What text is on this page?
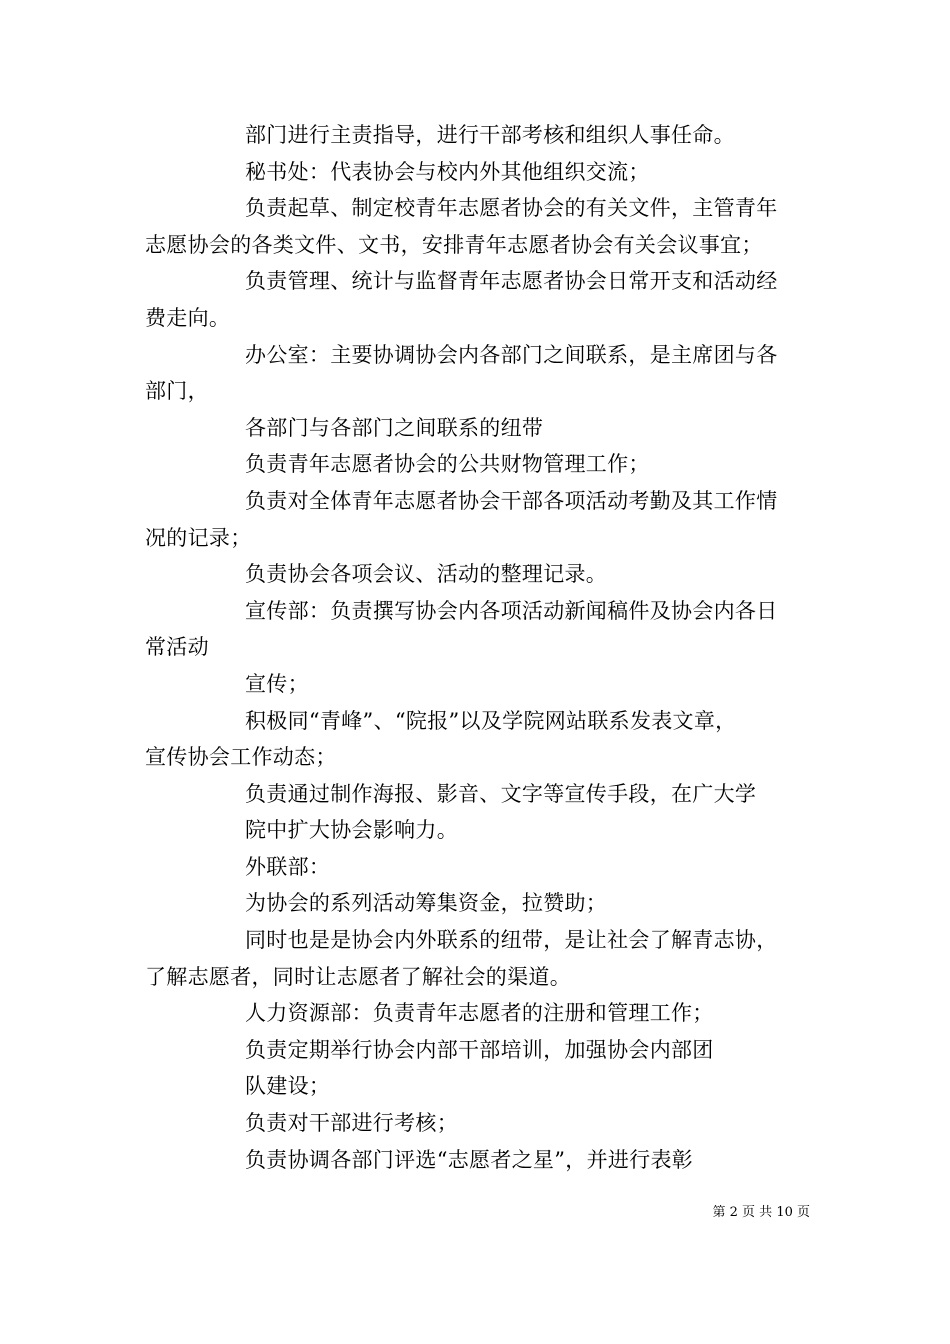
部门进行主责指导，进行干部考核和组织人事任命。
秘书处：代表协会与校内外其他组织交流；
负责起草、制定校青年志愿者协会的有关文件，主管青年
志愿协会的各类文件、文书，安排青年志愿者协会有关会议事宜；
负责管理、统计与监督青年志愿者协会日常开支和活动经
费走向。
办公室：主要协调协会内各部门之间联系，是主席团与各
部门，
各部门与各部门之间联系的纽带
负责青年志愿者协会的公共财物管理工作；
负责对全体青年志愿者协会干部各项活动考勤及其工作情
况的记录；
负责协会各项会议、活动的整理记录。
宣传部：负责撰写协会内各项活动新闻稿件及协会内各日
常活动
宣传；
积极同“青峰”、“院报”以及学院网站联系发表文章，
宣传协会工作动态；
负责通过制作海报、影音、文字等宣传手段，在广大学
院中扩大协会影响力。
外联部：
为协会的系列活动筹集资金，拉赞助；
同时也是是协会内外联系的纽带，是让社会了解青志协，
了解志愿者，同时让志愿者了解社会的渠道。
人力资源部：负责青年志愿者的注册和管理工作；
负责定期举行协会内部干部培训，加强协会内部团
队建设；
负责对干部进行考核；
负责协调各部门评选“志愿者之星”，并进行表彰
第 2 页 共 10 页
